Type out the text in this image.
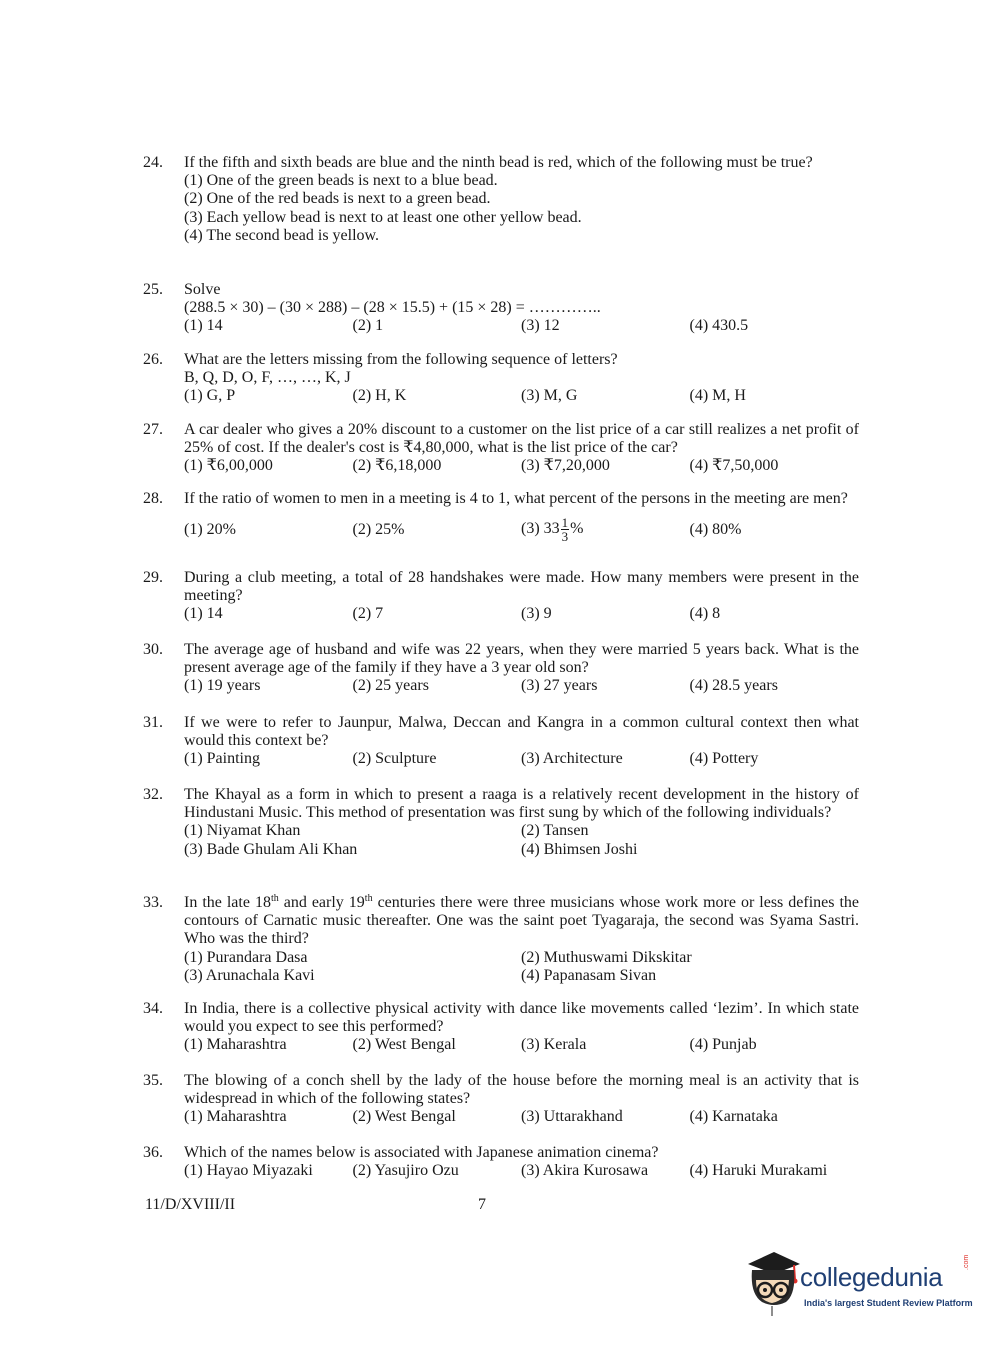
24. If the fifth and sixth beads are blue and the ninth bead is red, which of the following must be true?
(1) One of the green beads is next to a blue bead.
(2) One of the red beads is next to a green bead.
(3) Each yellow bead is next to at least one other yellow bead.
(4) The second bead is yellow.
25. Solve
(288.5 × 30) – (30 × 288) – (28 × 15.5) + (15 × 28) = …………..
(1) 14	(2) 1	(3) 12	(4) 430.5
26. What are the letters missing from the following sequence of letters?
B, Q, D, O, F, …, …, K, J
(1) G, P	(2) H, K	(3) M, G	(4) M, H
27. A car dealer who gives a 20% discount to a customer on the list price of a car still realizes a net profit of 25% of cost. If the dealer's cost is ₹4,80,000, what is the list price of the car?
(1) ₹6,00,000	(2) ₹6,18,000	(3) ₹7,20,000	(4) ₹7,50,000
28. If the ratio of women to men in a meeting is 4 to 1, what percent of the persons in the meeting are men?
(1) 20%	(2) 25%	(3) $33 \frac{1}{3}$ %	(4) 80%
29. During a club meeting, a total of 28 handshakes were made. How many members were present in the meeting?
(1) 14	(2) 7	(3) 9	(4) 8
30. The average age of husband and wife was 22 years, when they were married 5 years back. What is the present average age of the family if they have a 3 year old son?
(1) 19 years	(2) 25 years	(3) 27 years	(4) 28.5 years
31. If we were to refer to Jaunpur, Malwa, Deccan and Kangra in a common cultural context then what would this context be?
(1) Painting	(2) Sculpture	(3) Architecture	(4) Pottery
32. The Khayal as a form in which to present a raaga is a relatively recent development in the history of Hindustani Music. This method of presentation was first sung by which of the following individuals?
(1) Niyamat Khan	(2) Tansen
(3) Bade Ghulam Ali Khan	(4) Bhimsen Joshi
33. In the late 18th and early 19th centuries there were three musicians whose work more or less defines the contours of Carnatic music thereafter. One was the saint poet Tyagaraja, the second was Syama Sastri. Who was the third?
(1) Purandara Dasa	(2) Muthuswami Dikskitar
(3) Arunachala Kavi	(4) Papanasam Sivan
34. In India, there is a collective physical activity with dance like movements called ‘lezim’. In which state would you expect to see this performed?
(1) Maharashtra	(2) West Bengal	(3) Kerala	(4) Punjab
35. The blowing of a conch shell by the lady of the house before the morning meal is an activity that is widespread in which of the following states?
(1) Maharashtra	(2) West Bengal	(3) Uttarakhand	(4) Karnataka
36. Which of the names below is associated with Japanese animation cinema?
(1) Hayao Miyazaki	(2) Yasujiro Ozu	(3) Akira Kurosawa	(4) Haruki Murakami
11/D/XVIII/II	7
collegedunia	.com
India's largest Student Review Platform
